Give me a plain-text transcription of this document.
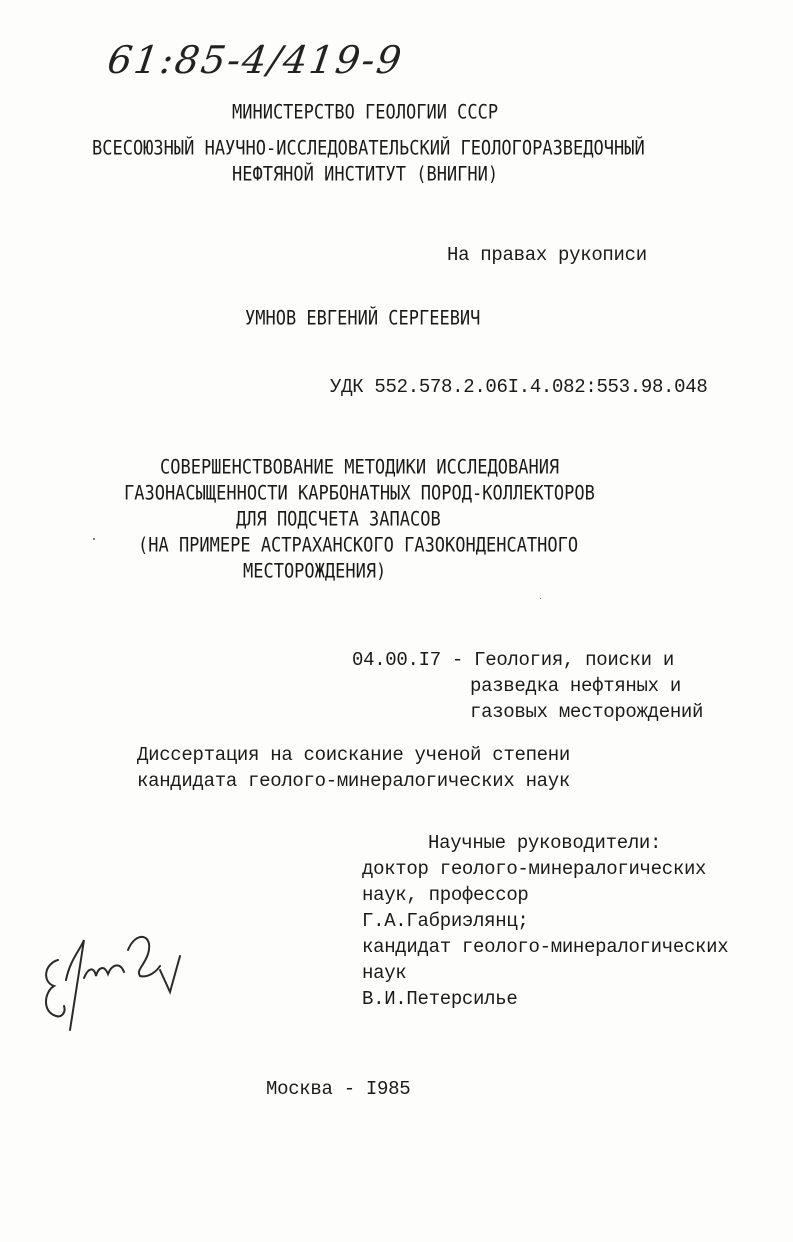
61:85-4/419-9
МИНИСТЕРСТВО ГЕОЛОГИИ СССР
ВСЕСОЮЗНЫЙ НАУЧНО-ИССЛЕДОВАТЕЛЬСКИЙ ГЕОЛОГОРАЗВЕДОЧНЫЙ
НЕФТЯНОЙ ИНСТИТУТ (ВНИГНИ)
На правах рукописи
УМНОВ ЕВГЕНИЙ СЕРГЕЕВИЧ
УДК 552.578.2.06I.4.082:553.98.048
СОВЕРШЕНСТВОВАНИЕ МЕТОДИКИ ИССЛЕДОВАНИЯ
ГАЗОНАСЫЩЕННОСТИ КАРБОНАТНЫХ ПОРОД-КОЛЛЕКТОРОВ
ДЛЯ ПОДСЧЕТА ЗАПАСОВ
(НА ПРИМЕРЕ АСТРАХАНСКОГО ГАЗОКОНДЕНСАТНОГО
МЕСТОРОЖДЕНИЯ)
04.00.I7 - Геология, поиски и
разведка нефтяных и
газовых месторождений
Диссертация на соискание ученой степени
кандидата геолого-минералогических наук
Научные руководители:
доктор геолого-минералогических
наук, профессор
Г.А.Габриэлянц;
кандидат геолого-минералогических
наук
В.И.Петерсилье
Москва - I985
